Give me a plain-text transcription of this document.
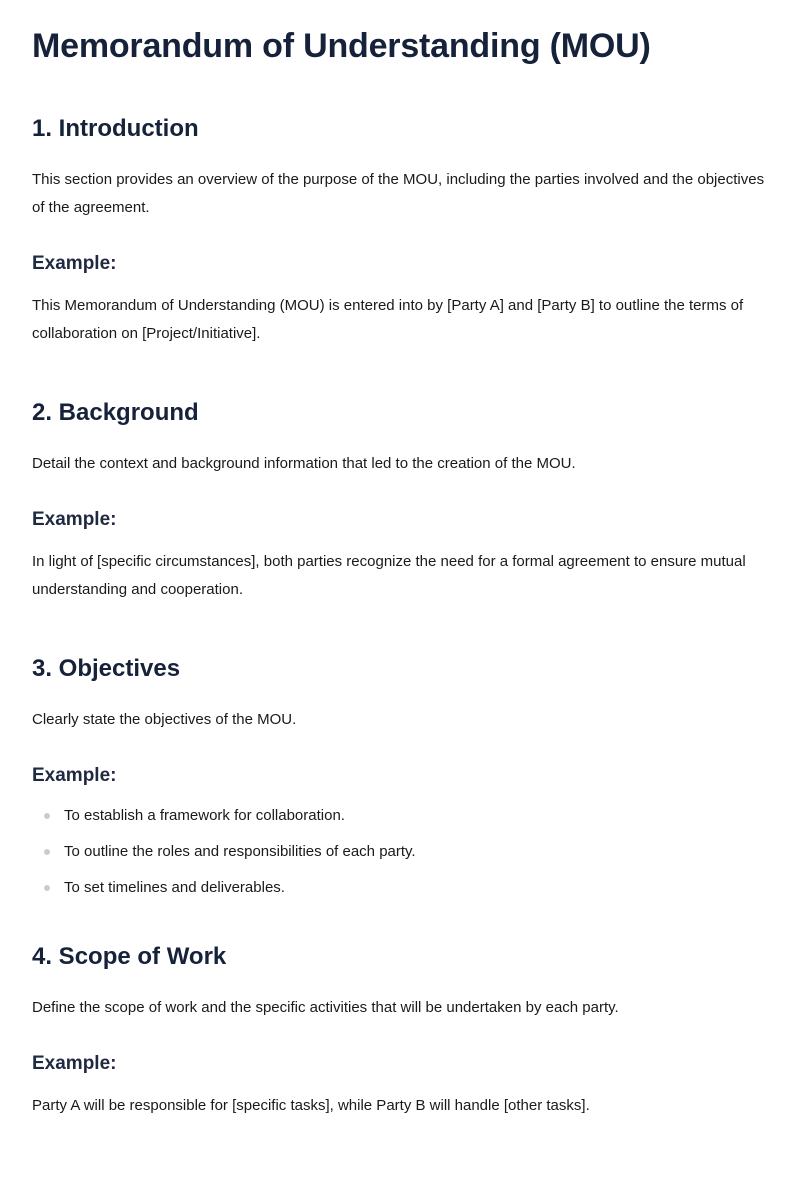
Memorandum of Understanding (MOU)
1. Introduction

This section provides an overview of the purpose of the MOU, including the parties involved and the objectives of the agreement.

Example:

This Memorandum of Understanding (MOU) is entered into by [Party A] and [Party B] to outline the terms of collaboration on [Project/Initiative].

2. Background

Detail the context and background information that led to the creation of the MOU.

Example:

In light of [specific circumstances], both parties recognize the need for a formal agreement to ensure mutual understanding and cooperation.

3. Objectives

Clearly state the objectives of the MOU.

Example:
To establish a framework for collaboration.
To outline the roles and responsibilities of each party.
To set timelines and deliverables.
4. Scope of Work

Define the scope of work and the specific activities that will be undertaken by each party.

Example:

Party A will be responsible for [specific tasks], while Party B will handle [other tasks].
